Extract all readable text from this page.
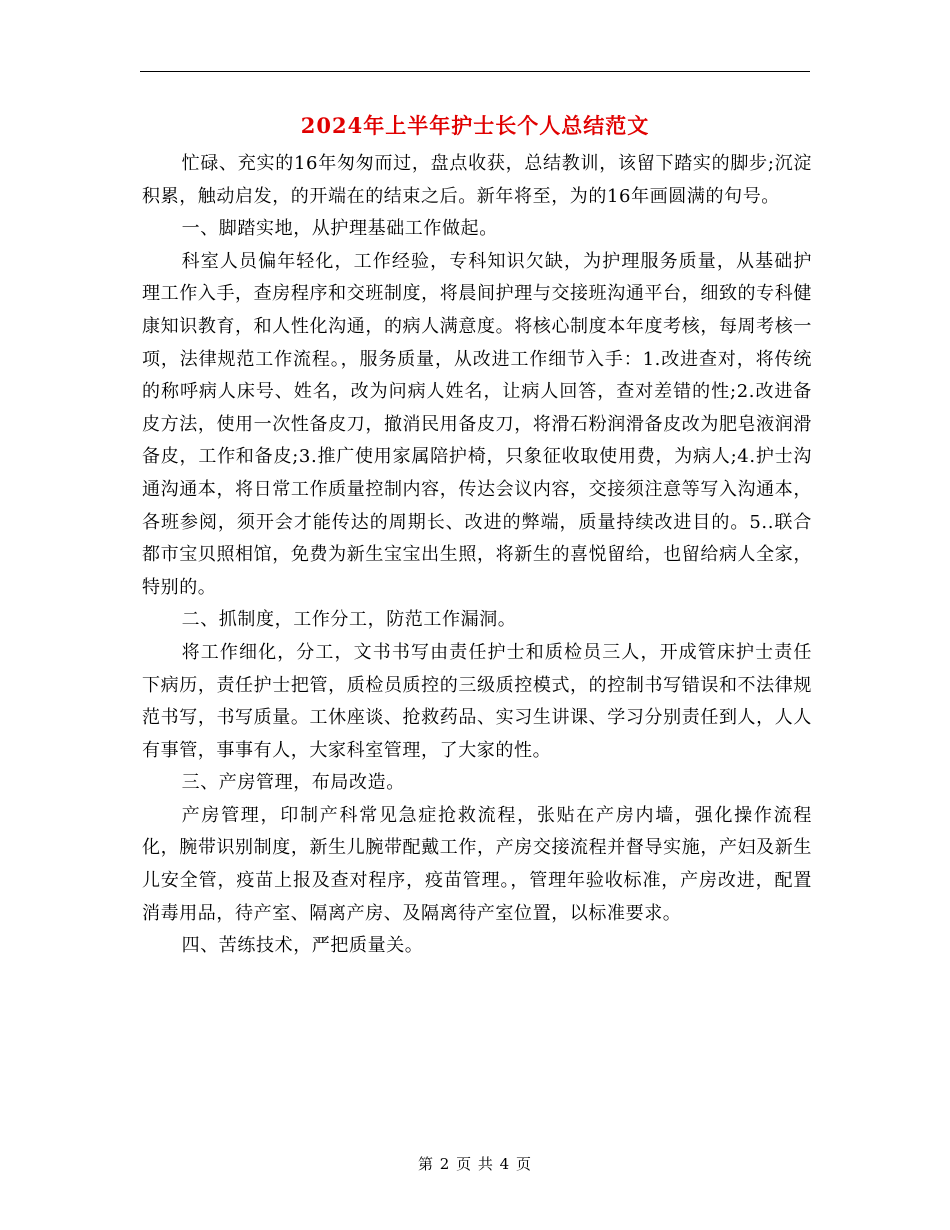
2024年上半年护士长个人总结范文

忙碌、充实的16年匆匆而过，盘点收获，总结教训，该留下踏实的脚步;沉淀积累，触动启发，的开端在的结束之后。新年将至，为的16年画圆满的句号。

一、脚踏实地，从护理基础工作做起。

科室人员偏年轻化，工作经验，专科知识欠缺，为护理服务质量，从基础护理工作入手，查房程序和交班制度，将晨间护理与交接班沟通平台，细致的专科健康知识教育，和人性化沟通，的病人满意度。将核心制度本年度考核，每周考核一项，法律规范工作流程。，服务质量，从改进工作细节入手：1.改进查对，将传统的称呼病人床号、姓名，改为问病人姓名，让病人回答，查对差错的性;2.改进备皮方法，使用一次性备皮刀，撤消民用备皮刀，将滑石粉润滑备皮改为肥皂液润滑备皮，工作和备皮;3.推广使用家属陪护椅，只象征收取使用费，为病人;4.护士沟通沟通本，将日常工作质量控制内容，传达会议内容，交接须注意等写入沟通本，各班参阅，须开会才能传达的周期长、改进的弊端，质量持续改进目的。5..联合都市宝贝照相馆，免费为新生宝宝出生照，将新生的喜悦留给，也留给病人全家，特别的。

二、抓制度，工作分工，防范工作漏洞。

将工作细化，分工，文书书写由责任护士和质检员三人，开成管床护士责任下病历，责任护士把管，质检员质控的三级质控模式，的控制书写错误和不法律规范书写，书写质量。工休座谈、抢救药品、实习生讲课、学习分别责任到人，人人有事管，事事有人，大家科室管理，了大家的性。

三、产房管理，布局改造。

产房管理，印制产科常见急症抢救流程，张贴在产房内墙，强化操作流程化，腕带识别制度，新生儿腕带配戴工作，产房交接流程并督导实施，产妇及新生儿安全管，疫苗上报及查对程序，疫苗管理。，管理年验收标准，产房改进，配置消毒用品，待产室、隔离产房、及隔离待产室位置，以标准要求。

四、苦练技术，严把质量关。

第 2 页 共 4 页
